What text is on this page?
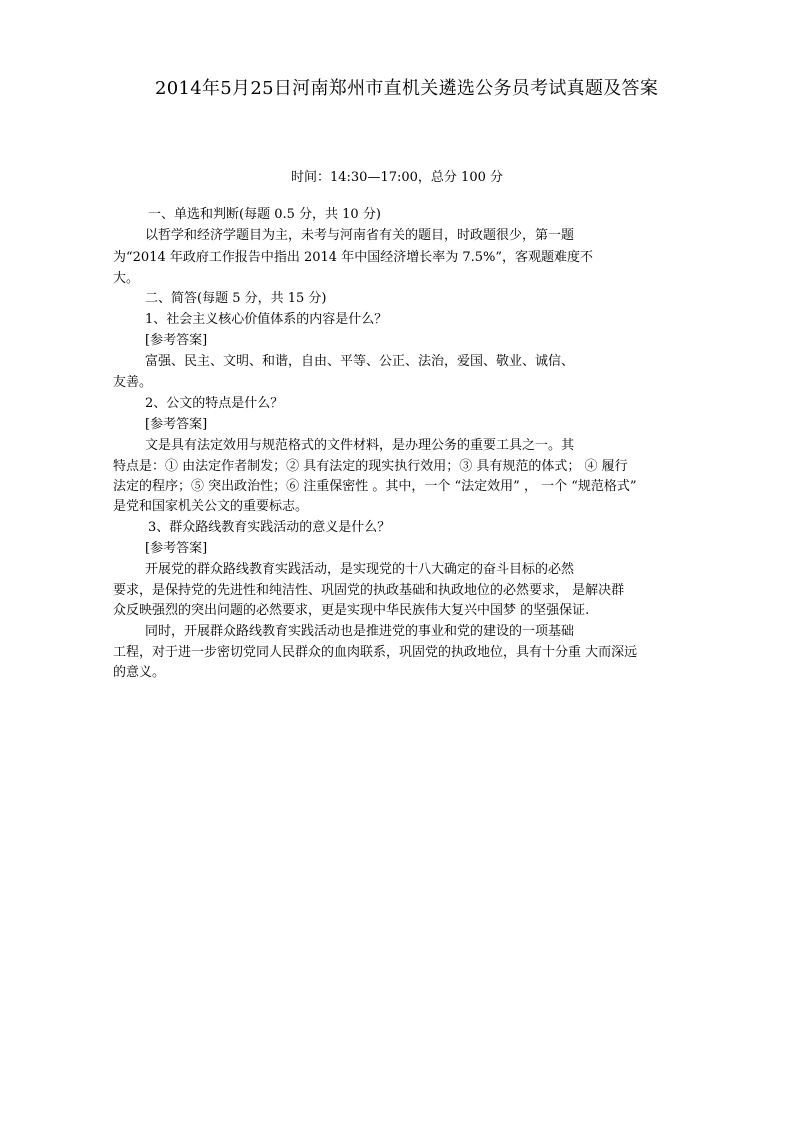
2014年5月25日河南郑州市直机关遴选公务员考试真题及答案
时间：14:30—17:00，总分 100 分
一、单选和判断(每题 0.5 分，共 10 分)
以哲学和经济学题目为主，未考与河南省有关的题目，时政题很少，第一题
为“2014 年政府工作报告中指出 2014 年中国经济增长率为 7.5%”，客观题难度不
大。
二、简答(每题 5 分，共 15 分)
1、社会主义核心价值体系的内容是什么？
[参考答案]
富强、民主、文明、和谐，自由、平等、公正、法治，爱国、敬业、诚信、
友善。
2、公文的特点是什么？
[参考答案]
文是具有法定效用与规范格式的文件材料，是办理公务的重要工具之一。其
特点是：① 由法定作者制发；② 具有法定的现实执行效用；③ 具有规范的体式； ④ 履行
法定的程序；⑤ 突出政治性；⑥ 注重保密性 。其中，一个 “法定效用” ， 一个 “规范格式”
是党和国家机关公文的重要标志。
3、群众路线教育实践活动的意义是什么？
[参考答案]
开展党的群众路线教育实践活动，是实现党的十八大确定的奋斗目标的必然
要求，是保持党的先进性和纯洁性、巩固党的执政基础和执政地位的必然要求， 是解决群
众反映强烈的突出问题的必然要求，更是实现中华民族伟大复兴中国梦 的坚强保证.
同时，开展群众路线教育实践活动也是推进党的事业和党的建设的一项基础
工程，对于进一步密切党同人民群众的血肉联系，巩固党的执政地位，具有十分重 大而深远
的意义。
